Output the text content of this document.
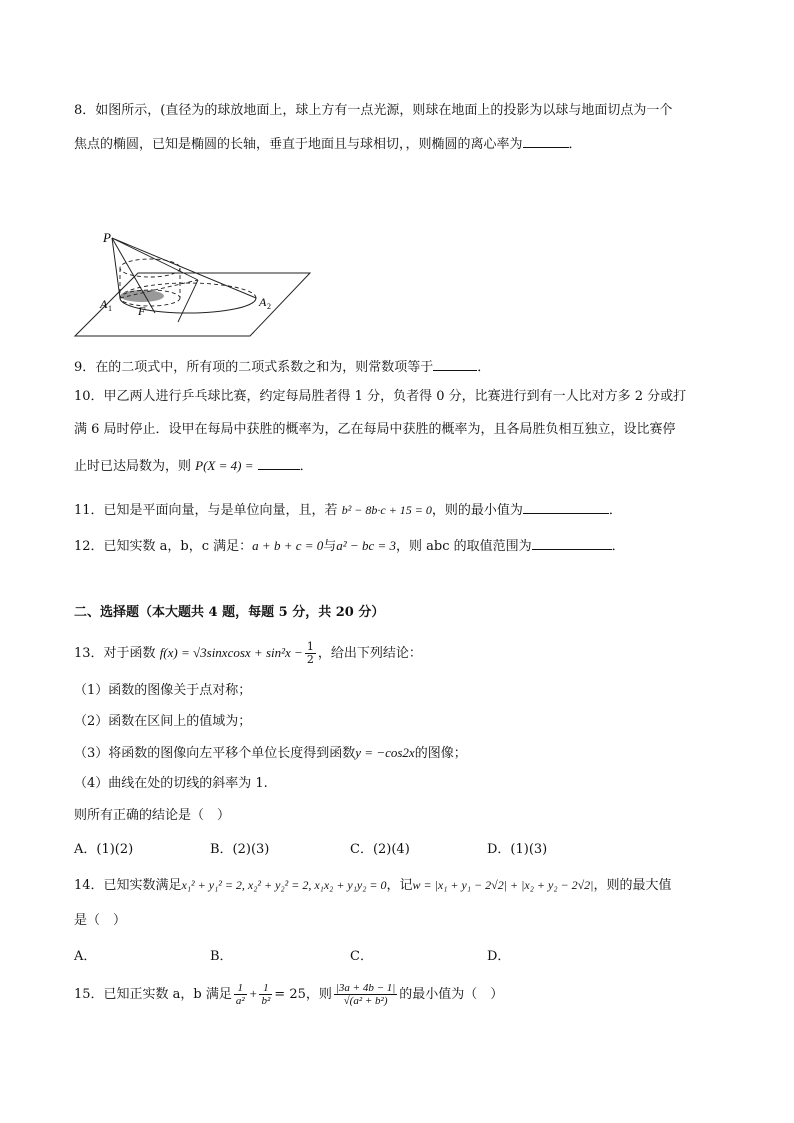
8．如图所示，(直径为的球放地面上，球上方有一点光源，则球在地面上的投影为以球与地面切点为一个
焦点的椭圆，已知是椭圆的长轴，垂直于地面且与球相切，，则椭圆的离心率为	．
P
A 1 F
A 2
9．在的二项式中，所有项的二项式系数之和为，则常数项等于	．
10．甲乙两人进行乒乓球比赛，约定每局胜者得 1 分，负者得 0 分，比赛进行到有一人比对方多 2 分或打
满 6 局时停止．设甲在每局中获胜的概率为，乙在每局中获胜的概率为，且各局胜负相互独立，设比赛停
止时已达局数为，则 P(X = 4) =	．
11．已知是平面向量，与是单位向量，且，若 b² − 8b·c + 15 = 0，则的最小值为	．
12．已知实数 a，b，c 满足：a + b + c = 0与a² − bc = 3，则 abc 的取值范围为	．
二、选择题（本大题共 4 题，每题 5 分，共 20 分）
13．对于函数 f(x) = √3sinxcosx + $\sin^2x - \frac{1}{2}$ ，给出下列结论：
（1）函数的图像关于点对称；
（2）函数在区间上的值域为；
（3）将函数的图像向左平移个单位长度得到函数y = −cos2x的图像；
（4）曲线在处的切线的斜率为 1.
则所有正确的结论是（　）
A．(1)(2)	B．(2)(3)	C．(2)(4)	D．(1)(3)
14．已知实数满足x₁² + y₁² = 2, x₂² + y₂² = 2, x₁x₂ + y₁y₂ = 0，记w = |x₁ + y₁ − 2√2| + |x₂ + y₂ − 2√2|，则的最大值
是（　）
A．	B．	C．	D．
15．已知正实数 a，b 满足 $\frac{1}{\text{a²}} + \frac{1}{\text{b²}} = 25$，则 $\frac{|3a + 4b - 1|}{\text{√(a² + b²)}}$ 的最小值为（　）
